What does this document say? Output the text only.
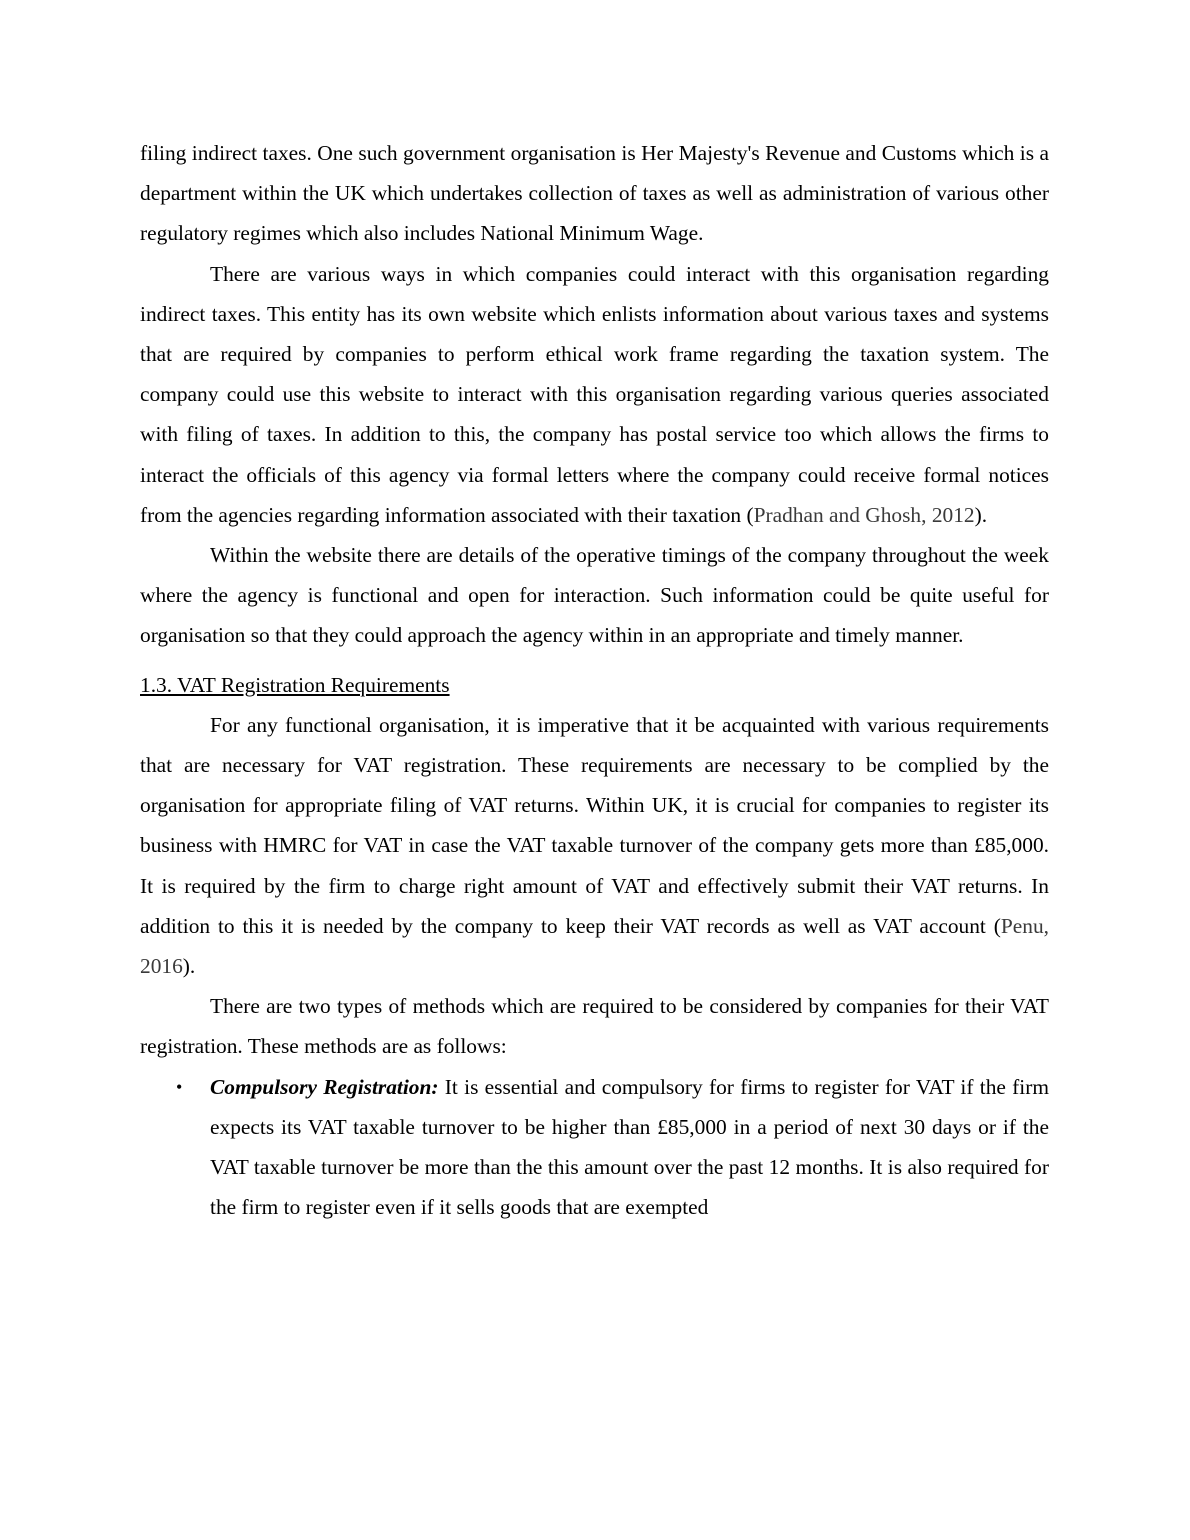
filing indirect taxes. One such government organisation is Her Majesty's Revenue and Customs which is a department within the UK which undertakes collection of taxes as well as administration of various other regulatory regimes which also includes National Minimum Wage.

There are various ways in which companies could interact with this organisation regarding indirect taxes. This entity has its own website which enlists information about various taxes and systems that are required by companies to perform ethical work frame regarding the taxation system. The company could use this website to interact with this organisation regarding various queries associated with filing of taxes. In addition to this, the company has postal service too which allows the firms to interact the officials of this agency via formal letters where the company could receive formal notices from the agencies regarding information associated with their taxation (Pradhan and Ghosh, 2012).

Within the website there are details of the operative timings of the company throughout the week where the agency is functional and open for interaction. Such information could be quite useful for organisation so that they could approach the agency within in an appropriate and timely manner.

1.3. VAT Registration Requirements

For any functional organisation, it is imperative that it be acquainted with various requirements that are necessary for VAT registration. These requirements are necessary to be complied by the organisation for appropriate filing of VAT returns. Within UK, it is crucial for companies to register its business with HMRC for VAT in case the VAT taxable turnover of the company gets more than £85,000. It is required by the firm to charge right amount of VAT and effectively submit their VAT returns. In addition to this it is needed by the company to keep their VAT records as well as VAT account (Penu, 2016).

There are two types of methods which are required to be considered by companies for their VAT registration. These methods are as follows:

• Compulsory Registration: It is essential and compulsory for firms to register for VAT if the firm expects its VAT taxable turnover to be higher than £85,000 in a period of next 30 days or if the VAT taxable turnover be more than the this amount over the past 12 months. It is also required for the firm to register even if it sells goods that are exempted
